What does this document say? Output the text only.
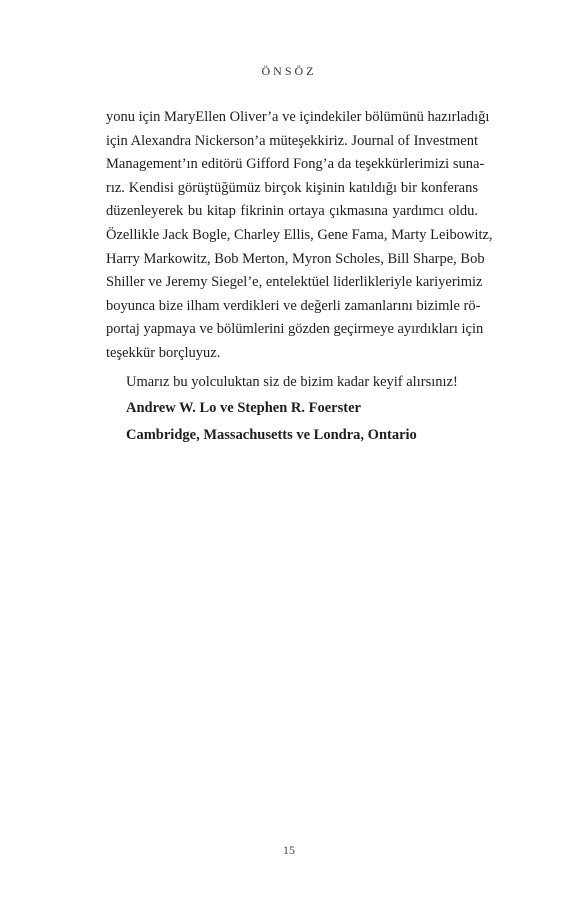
ÖNSÖZ

yonu için MaryEllen Oliver’a ve içindekiler bölümünü hazırladığı
için Alexandra Nickerson’a müteşekkiriz. Journal of Investment
Management’ın editörü Gifford Fong’a da teşekkürlerimizi suna-
rız. Kendisi görüştüğümüz birçok kişinin katıldığı bir konferans
düzenleyerek bu kitap fikrinin ortaya çıkmasına yardımcı oldu.
Özellikle Jack Bogle, Charley Ellis, Gene Fama, Marty Leibowitz,
Harry Markowitz, Bob Merton, Myron Scholes, Bill Sharpe, Bob
Shiller ve Jeremy Siegel’e, entelektüel liderlikleriyle kariyerimiz
boyunca bize ilham verdikleri ve değerli zamanlarını bizimle rö-
portaj yapmaya ve bölümlerini gözden geçirmeye ayırdıkları için
teşekkür borçluyuz.

Umarız bu yolculuktan siz de bizim kadar keyif alırsınız!

Andrew W. Lo ve Stephen R. Foerster

Cambridge, Massachusetts ve Londra, Ontario

15
